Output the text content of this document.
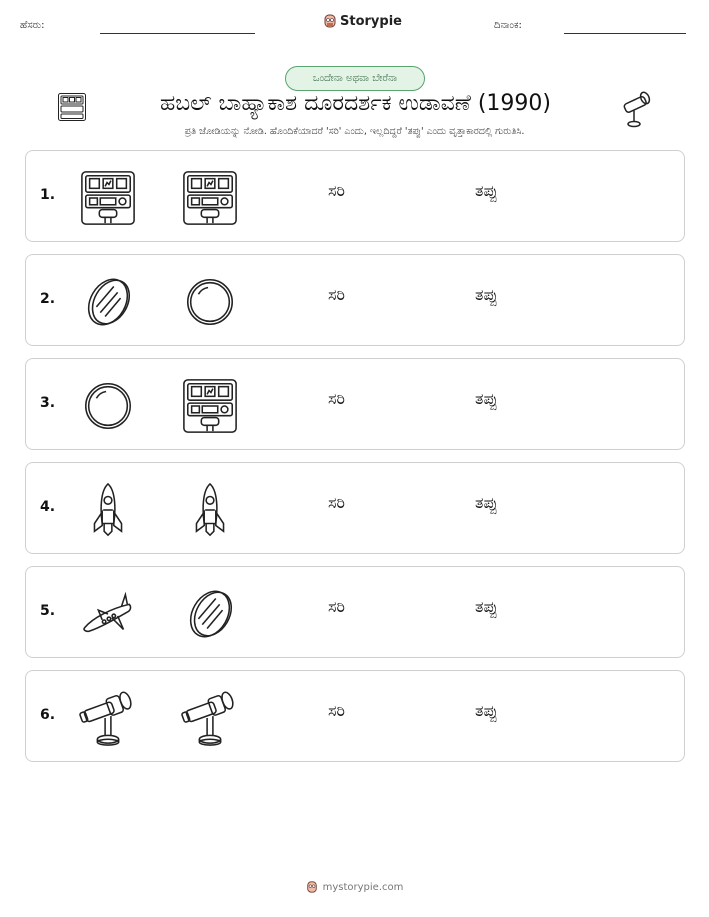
ಹೆಸರು:	Storypie	ದಿನಾಂಕ:
ಒಂದೇನಾ ಅಥವಾ ಬೇರೆನಾ
ಹಬಲ್ ಬಾಹ್ಯಾಕಾಶ ದೂರದರ್ಶಕ ಉಡಾವಣೆ (1990)
ಪ್ರತಿ ಜೋಡಿಯನ್ನು ನೋಡಿ. ಹೊಂದಿಕೆಯಾದರೆ 'ಸರಿ' ಎಂದು, ಇಲ್ಲದಿದ್ದರೆ 'ತಪ್ಪು' ಎಂದು ವೃತ್ತಾಕಾರದಲ್ಲಿ ಗುರುತಿಸಿ.
1.	ಸರಿ	ತಪ್ಪು
2.	ಸರಿ	ತಪ್ಪು
3.	ಸರಿ	ತಪ್ಪು
4.	ಸರಿ	ತಪ್ಪು
5.	ಸರಿ	ತಪ್ಪು
6.	ಸರಿ	ತಪ್ಪು
mystorypie.com
